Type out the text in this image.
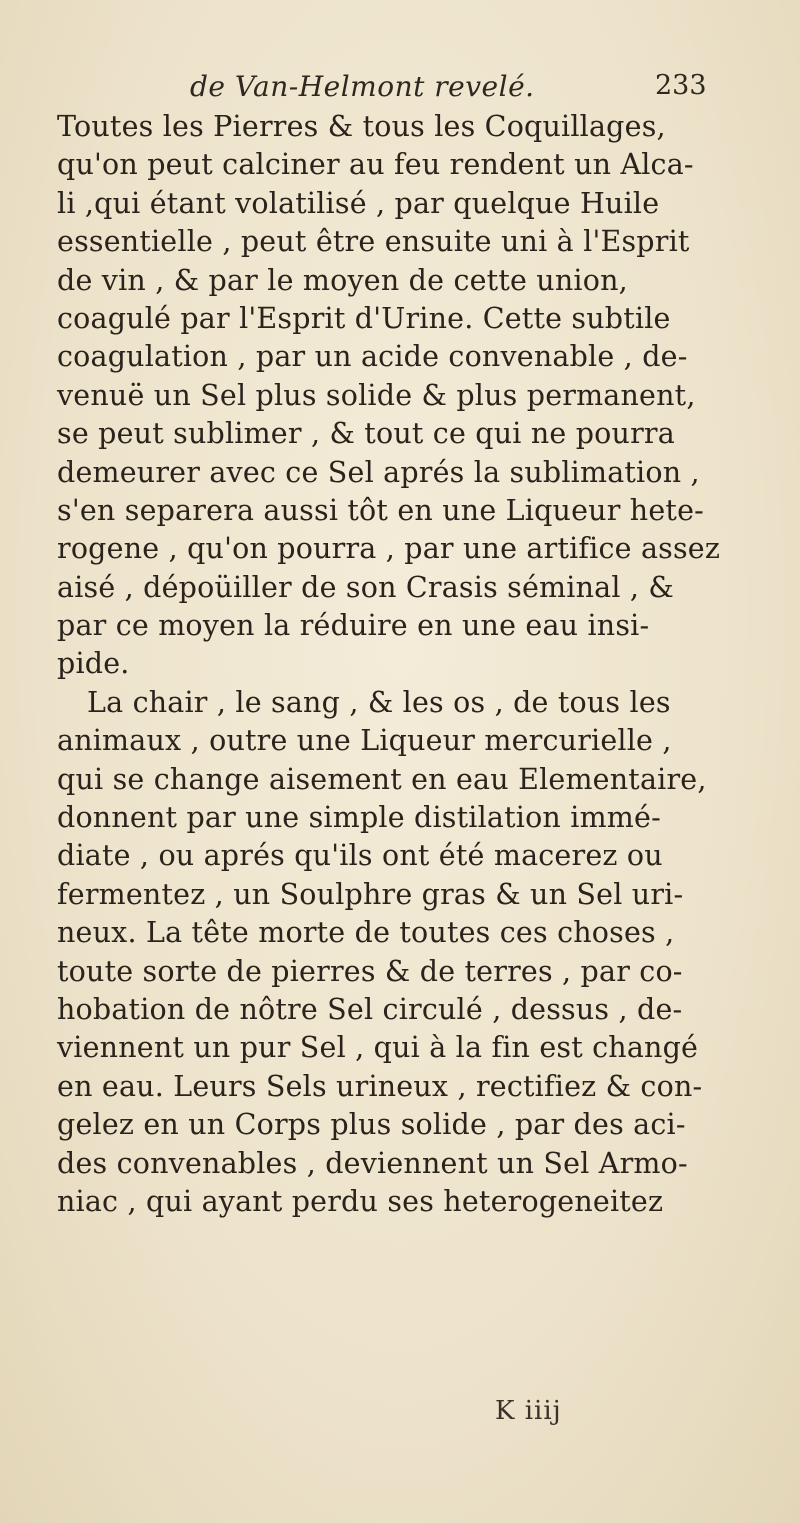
de Van-Helmont revelé.	233
Toutes les Pierres & tous les Coquillages,
qu'on peut calciner au feu rendent un Alca-
li ,qui étant volatilisé , par quelque Huile
essentielle , peut être ensuite uni à l'Esprit
de vin , & par le moyen de cette union,
coagulé par l'Esprit d'Urine. Cette subtile
coagulation , par un acide convenable , de-
venuë un Sel plus solide & plus permanent,
se peut sublimer , & tout ce qui ne pourra
demeurer avec ce Sel aprés la sublimation ,
s'en separera aussi tôt en une Liqueur hete-
rogene , qu'on pourra , par une artifice assez
aisé , dépoüiller de son Crasis séminal , &
par ce moyen la réduire en une eau insi-
pide.
La chair , le sang , & les os , de tous les
animaux , outre une Liqueur mercurielle ,
qui se change aisement en eau Elementaire,
donnent par une simple distilation immé-
diate , ou aprés qu'ils ont été macerez ou
fermentez , un Soulphre gras & un Sel uri-
neux. La tête morte de toutes ces choses ,
toute sorte de pierres & de terres , par co-
hobation de nôtre Sel circulé , dessus , de-
viennent un pur Sel , qui à la fin est changé
en eau. Leurs Sels urineux , rectifiez & con-
gelez en un Corps plus solide , par des aci-
des convenables , deviennent un Sel Armo-
niac , qui ayant perdu ses heterogeneitez
K iiij
